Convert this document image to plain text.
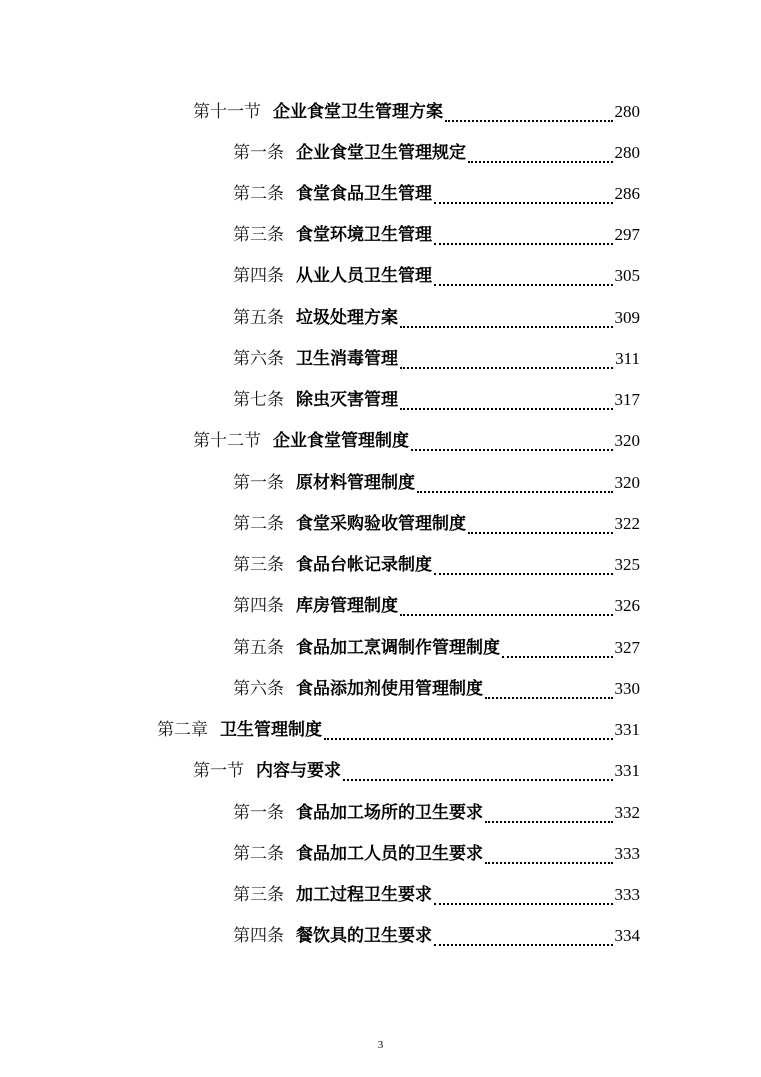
第十一节 企业食堂卫生管理方案	280
第一条 企业食堂卫生管理规定	280
第二条 食堂食品卫生管理	286
第三条 食堂环境卫生管理	297
第四条 从业人员卫生管理	305
第五条 垃圾处理方案	309
第六条 卫生消毒管理	311
第七条 除虫灭害管理	317
第十二节 企业食堂管理制度	320
第一条 原材料管理制度	320
第二条 食堂采购验收管理制度	322
第三条 食品台帐记录制度	325
第四条 库房管理制度	326
第五条 食品加工烹调制作管理制度	327
第六条 食品添加剂使用管理制度	330
第二章 卫生管理制度	331
第一节 内容与要求	331
第一条 食品加工场所的卫生要求	332
第二条 食品加工人员的卫生要求	333
第三条 加工过程卫生要求	333
第四条 餐饮具的卫生要求	334
3
